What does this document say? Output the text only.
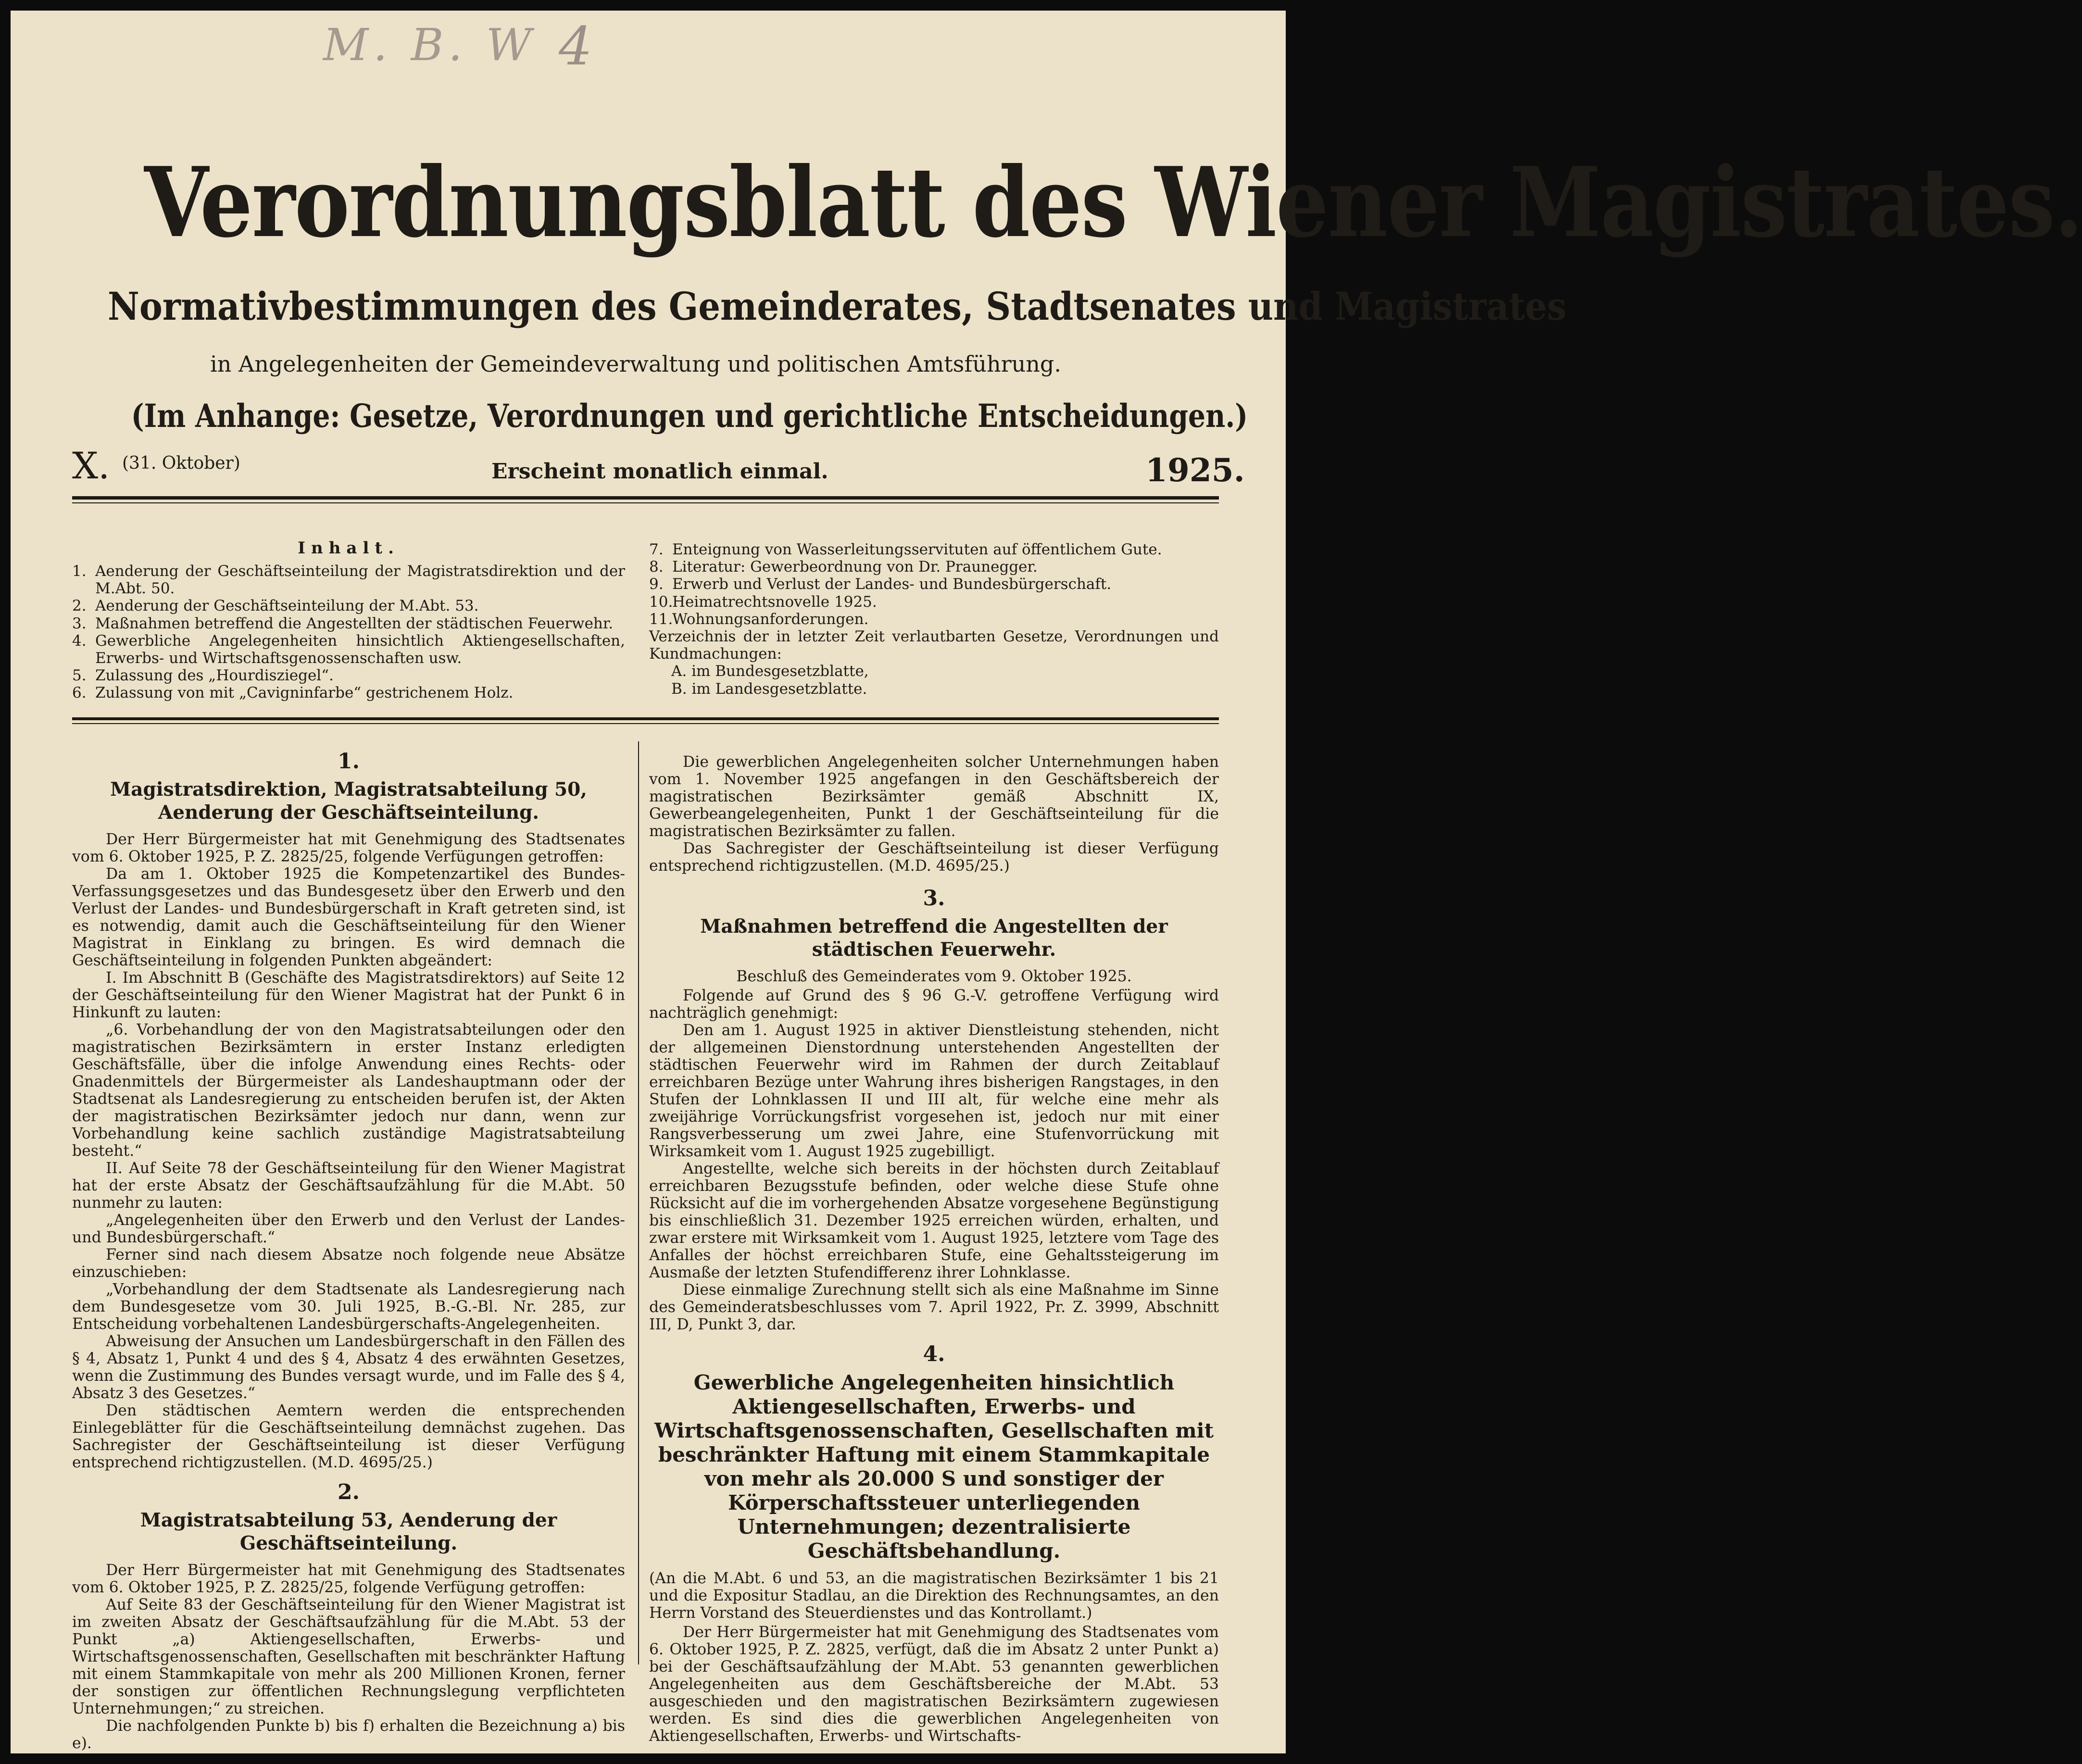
M. B. W 4
Verordnungsblatt des Wiener Magistrates.
Normativbestimmungen des Gemeinderates, Stadtsenates und Magistrates
in Angelegenheiten der Gemeindeverwaltung und politischen Amtsführung.
(Im Anhange: Gesetze, Verordnungen und gerichtliche Entscheidungen.)
X. (31. Oktober)	Erscheint monatlich einmal.	1925.
Inhalt.
1. Aenderung der Geschäftseinteilung der Magistratsdirektion und der M.Abt. 50.
2. Aenderung der Geschäftseinteilung der M.Abt. 53.
3. Maßnahmen betreffend die Angestellten der städtischen Feuerwehr.
4. Gewerbliche Angelegenheiten hinsichtlich Aktiengesellschaften, Erwerbs- und Wirtschaftsgenossenschaften usw.
5. Zulassung des „Hourdisziegel“.
6. Zulassung von mit „Cavigninfarbe“ gestrichenem Holz.
7. Enteignung von Wasserleitungsservituten auf öffentlichem Gute.
8. Literatur: Gewerbeordnung von Dr. Praunegger.
9. Erwerb und Verlust der Landes- und Bundesbürgerschaft.
10.
Heimatrechtsnovelle 1925.
11.
Wohnungsanforderungen.
Verzeichnis der in letzter Zeit verlautbarten Gesetze, Verordnungen und Kundmachungen:
A. im Bundesgesetzblatte,
B. im Landesgesetzblatte.
1.
Magistratsdirektion, Magistratsabteilung 50, Aenderung der Geschäftseinteilung.

Der Herr Bürgermeister hat mit Genehmigung des Stadtsenates vom 6. Oktober 1925, P. Z. 2825/25, folgende Verfügungen getroffen:

Da am 1. Oktober 1925 die Kompetenzartikel des Bundes-Verfassungsgesetzes und das Bundesgesetz über den Erwerb und den Verlust der Landes- und Bundesbürgerschaft in Kraft getreten sind, ist es notwendig, damit auch die Geschäftseinteilung für den Wiener Magistrat in Einklang zu bringen. Es wird demnach die Geschäftseinteilung in folgenden Punkten abgeändert:

I. Im Abschnitt B (Geschäfte des Magistratsdirektors) auf Seite 12 der Geschäftseinteilung für den Wiener Magistrat hat der Punkt 6 in Hinkunft zu lauten:

„6. Vorbehandlung der von den Magistratsabteilungen oder den magistratischen Bezirksämtern in erster Instanz erledigten Geschäftsfälle, über die infolge Anwendung eines Rechts- oder Gnadenmittels der Bürgermeister als Landeshauptmann oder der Stadtsenat als Landesregierung zu entscheiden berufen ist, der Akten der magistratischen Bezirksämter jedoch nur dann, wenn zur Vorbehandlung keine sachlich zuständige Magistratsabteilung besteht.“

II. Auf Seite 78 der Geschäftseinteilung für den Wiener Magistrat hat der erste Absatz der Geschäftsaufzählung für die M.Abt. 50 nunmehr zu lauten:

„Angelegenheiten über den Erwerb und den Verlust der Landes- und Bundesbürgerschaft.“

Ferner sind nach diesem Absatze noch folgende neue Absätze einzuschieben:

„Vorbehandlung der dem Stadtsenate als Landesregierung nach dem Bundesgesetze vom 30. Juli 1925, B.-G.-Bl. Nr. 285, zur Entscheidung vorbehaltenen Landesbürgerschafts-Angelegenheiten.

Abweisung der Ansuchen um Landesbürgerschaft in den Fällen des § 4, Absatz 1, Punkt 4 und des § 4, Absatz 4 des erwähnten Gesetzes, wenn die Zustimmung des Bundes versagt wurde, und im Falle des § 4, Absatz 3 des Gesetzes.“

Den städtischen Aemtern werden die entsprechenden Einlegeblätter für die Geschäftseinteilung demnächst zugehen. Das Sachregister der Geschäftseinteilung ist dieser Verfügung entsprechend richtigzustellen. (M.D. 4695/25.)

2.
Magistratsabteilung 53, Aenderung der Geschäftseinteilung.

Der Herr Bürgermeister hat mit Genehmigung des Stadtsenates vom 6. Oktober 1925, P. Z. 2825/25, folgende Verfügung getroffen:

Auf Seite 83 der Geschäftseinteilung für den Wiener Magistrat ist im zweiten Absatz der Geschäftsaufzählung für die M.Abt. 53 der Punkt „a) Aktiengesellschaften, Erwerbs- und Wirtschaftsgenossenschaften, Gesellschaften mit beschränkter Haftung mit einem Stammkapitale von mehr als 200 Millionen Kronen, ferner der sonstigen zur öffentlichen Rechnungslegung verpflichteten Unternehmungen;“ zu streichen.

Die nachfolgenden Punkte b) bis f) erhalten die Bezeichnung a) bis e).

Die gewerblichen Angelegenheiten solcher Unternehmungen haben vom 1. November 1925 angefangen in den Geschäftsbereich der magistratischen Bezirksämter gemäß Abschnitt IX, Gewerbeangelegenheiten, Punkt 1 der Geschäftseinteilung für die magistratischen Bezirksämter zu fallen.

Das Sachregister der Geschäftseinteilung ist dieser Verfügung entsprechend richtigzustellen. (M.D. 4695/25.)

3.
Maßnahmen betreffend die Angestellten der städtischen Feuerwehr.

Beschluß des Gemeinderates vom 9. Oktober 1925.

Folgende auf Grund des § 96 G.-V. getroffene Verfügung wird nachträglich genehmigt:

Den am 1. August 1925 in aktiver Dienstleistung stehenden, nicht der allgemeinen Dienstordnung unterstehenden Angestellten der städtischen Feuerwehr wird im Rahmen der durch Zeitablauf erreichbaren Bezüge unter Wahrung ihres bisherigen Rangstages, in den Stufen der Lohnklassen II und III alt, für welche eine mehr als zweijährige Vorrückungsfrist vorgesehen ist, jedoch nur mit einer Rangsverbesserung um zwei Jahre, eine Stufenvorrückung mit Wirksamkeit vom 1. August 1925 zugebilligt.

Angestellte, welche sich bereits in der höchsten durch Zeitablauf erreichbaren Bezugsstufe befinden, oder welche diese Stufe ohne Rücksicht auf die im vorhergehenden Absatze vorgesehene Begünstigung bis einschließlich 31. Dezember 1925 erreichen würden, erhalten, und zwar erstere mit Wirksamkeit vom 1. August 1925, letztere vom Tage des Anfalles der höchst erreichbaren Stufe, eine Gehaltssteigerung im Ausmaße der letzten Stufendifferenz ihrer Lohnklasse.

Diese einmalige Zurechnung stellt sich als eine Maßnahme im Sinne des Gemeinderatsbeschlusses vom 7. April 1922, Pr. Z. 3999, Abschnitt III, D, Punkt 3, dar.

4.
Gewerbliche Angelegenheiten hinsichtlich Aktiengesellschaften, Erwerbs- und Wirtschaftsgenossenschaften, Gesellschaften mit beschränkter Haftung mit einem Stammkapitale von mehr als 20.000 S und sonstiger der Körperschaftssteuer unterliegenden Unternehmungen; dezentralisierte Geschäftsbehandlung.

(An die M.Abt. 6 und 53, an die magistratischen Bezirksämter 1 bis 21 und die Expositur Stadlau, an die Direktion des Rechnungsamtes, an den Herrn Vorstand des Steuerdienstes und das Kontrollamt.)

Der Herr Bürgermeister hat mit Genehmigung des Stadtsenates vom 6. Oktober 1925, P. Z. 2825, verfügt, daß die im Absatz 2 unter Punkt a) bei der Geschäftsaufzählung der M.Abt. 53 genannten gewerblichen Angelegenheiten aus dem Geschäftsbereiche der M.Abt. 53 ausgeschieden und den magistratischen Bezirksämtern zugewiesen werden. Es sind dies die gewerblichen Angelegenheiten von Aktiengesellschaften, Erwerbs- und Wirtschafts-
